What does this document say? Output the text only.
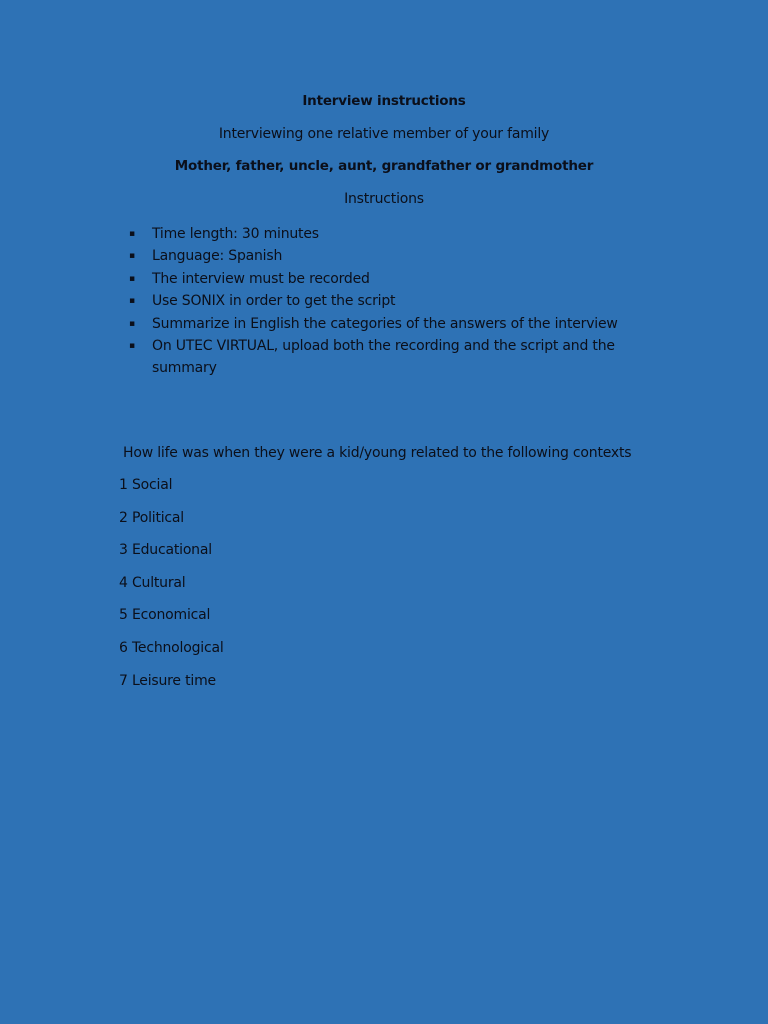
Interview instructions
Interviewing one relative member of your family
Mother, father, uncle, aunt, grandfather or grandmother
Instructions
▪ Time length: 30 minutes
▪ Language: Spanish
▪ The interview must be recorded
▪ Use SONIX in order to get the script
▪ Summarize in English the categories of the answers of the interview
▪ On UTEC VIRTUAL, upload both the recording and the script and the summary
How life was when they were a kid/young related to the following contexts
1 Social
2 Political
3 Educational
4 Cultural
5 Economical
6 Technological
7 Leisure time
